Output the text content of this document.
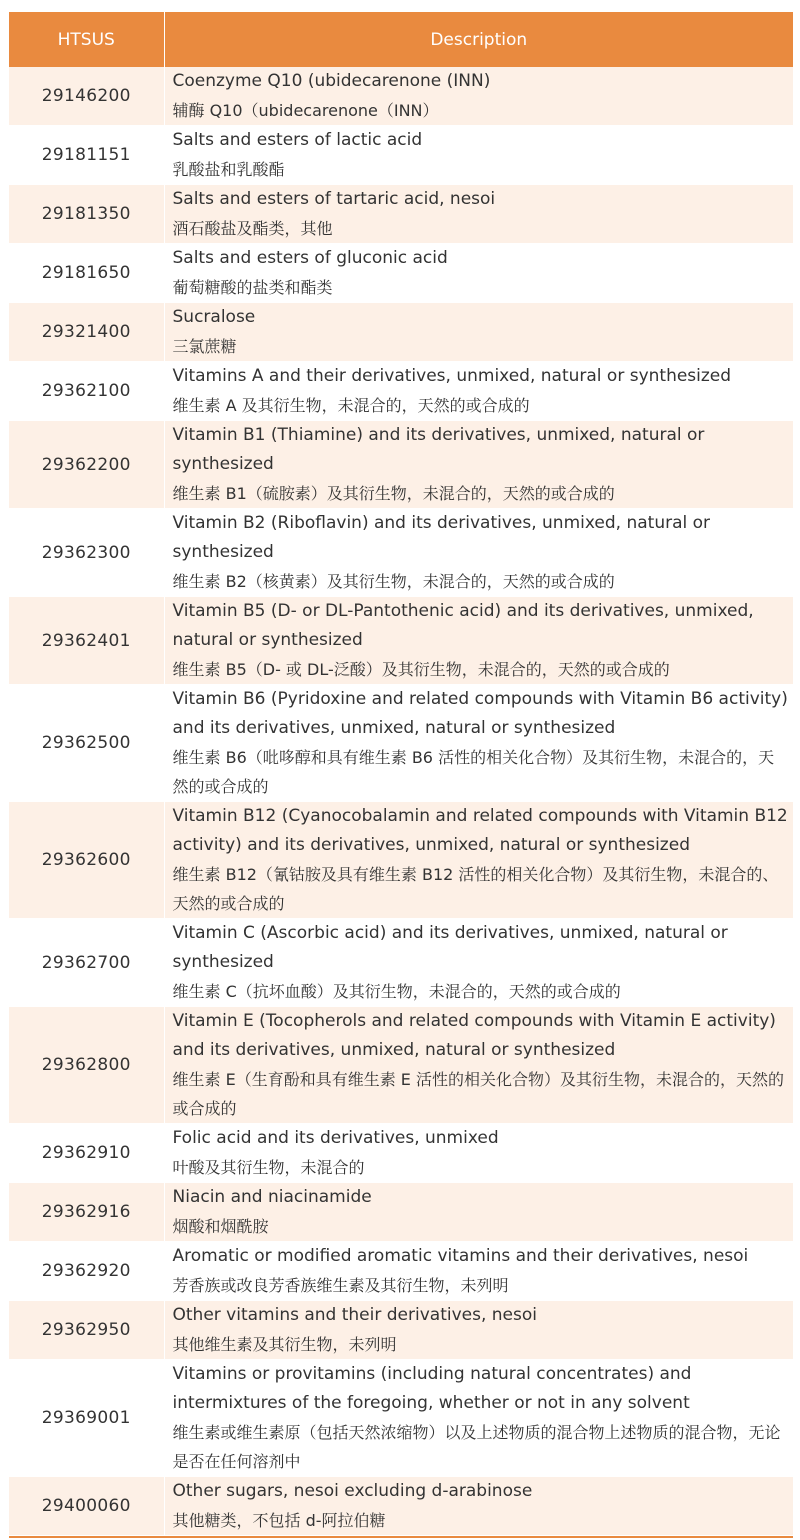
HTSUS	Description
29146200	Coenzyme Q10 (ubidecarenone (INN)
辅酶 Q10（ubidecarenone（INN）

29181151	Salts and esters of lactic acid
乳酸盐和乳酸酯

29181350	Salts and esters of tartaric acid, nesoi
酒石酸盐及酯类，其他

29181650	Salts and esters of gluconic acid
葡萄糖酸的盐类和酯类

29321400	Sucralose
三氯蔗糖

29362100	Vitamins A and their derivatives, unmixed, natural or synthesized
维生素 A 及其衍生物，未混合的，天然的或合成的

29362200	Vitamin B1 (Thiamine) and its derivatives, unmixed, natural or synthesized
维生素 B1（硫胺素）及其衍生物，未混合的，天然的或合成的

29362300	Vitamin B2 (Riboflavin) and its derivatives, unmixed, natural or synthesized
维生素 B2（核黄素）及其衍生物，未混合的，天然的或合成的

29362401	Vitamin B5 (D- or DL-Pantothenic acid) and its derivatives, unmixed, natural or synthesized
维生素 B5（D- 或 DL-泛酸）及其衍生物，未混合的，天然的或合成的

29362500	Vitamin B6 (Pyridoxine and related compounds with Vitamin B6 activity) and its derivatives, unmixed, natural or synthesized
维生素 B6（吡哆醇和具有维生素 B6 活性的相关化合物）及其衍生物，未混合的，天然的或合成的

29362600	Vitamin B12 (Cyanocobalamin and related compounds with Vitamin B12 activity) and its derivatives, unmixed, natural or synthesized
维生素 B12（氰钴胺及具有维生素 B12 活性的相关化合物）及其衍生物，未混合的、天然的或合成的

29362700	Vitamin C (Ascorbic acid) and its derivatives, unmixed, natural or synthesized
维生素 C（抗坏血酸）及其衍生物，未混合的，天然的或合成的

29362800	Vitamin E (Tocopherols and related compounds with Vitamin E activity) and its derivatives, unmixed, natural or synthesized
维生素 E（生育酚和具有维生素 E 活性的相关化合物）及其衍生物，未混合的，天然的或合成的

29362910	Folic acid and its derivatives, unmixed
叶酸及其衍生物，未混合的

29362916	Niacin and niacinamide
烟酸和烟酰胺

29362920	Aromatic or modified aromatic vitamins and their derivatives, nesoi
芳香族或改良芳香族维生素及其衍生物，未列明

29362950	Other vitamins and their derivatives, nesoi
其他维生素及其衍生物，未列明

29369001	Vitamins or provitamins (including natural concentrates) and intermixtures of the foregoing, whether or not in any solvent
维生素或维生素原（包括天然浓缩物）以及上述物质的混合物上述物质的混合物，无论是否在任何溶剂中

29400060	Other sugars, nesoi excluding d-arabinose
其他糖类，不包括 d-阿拉伯糖
